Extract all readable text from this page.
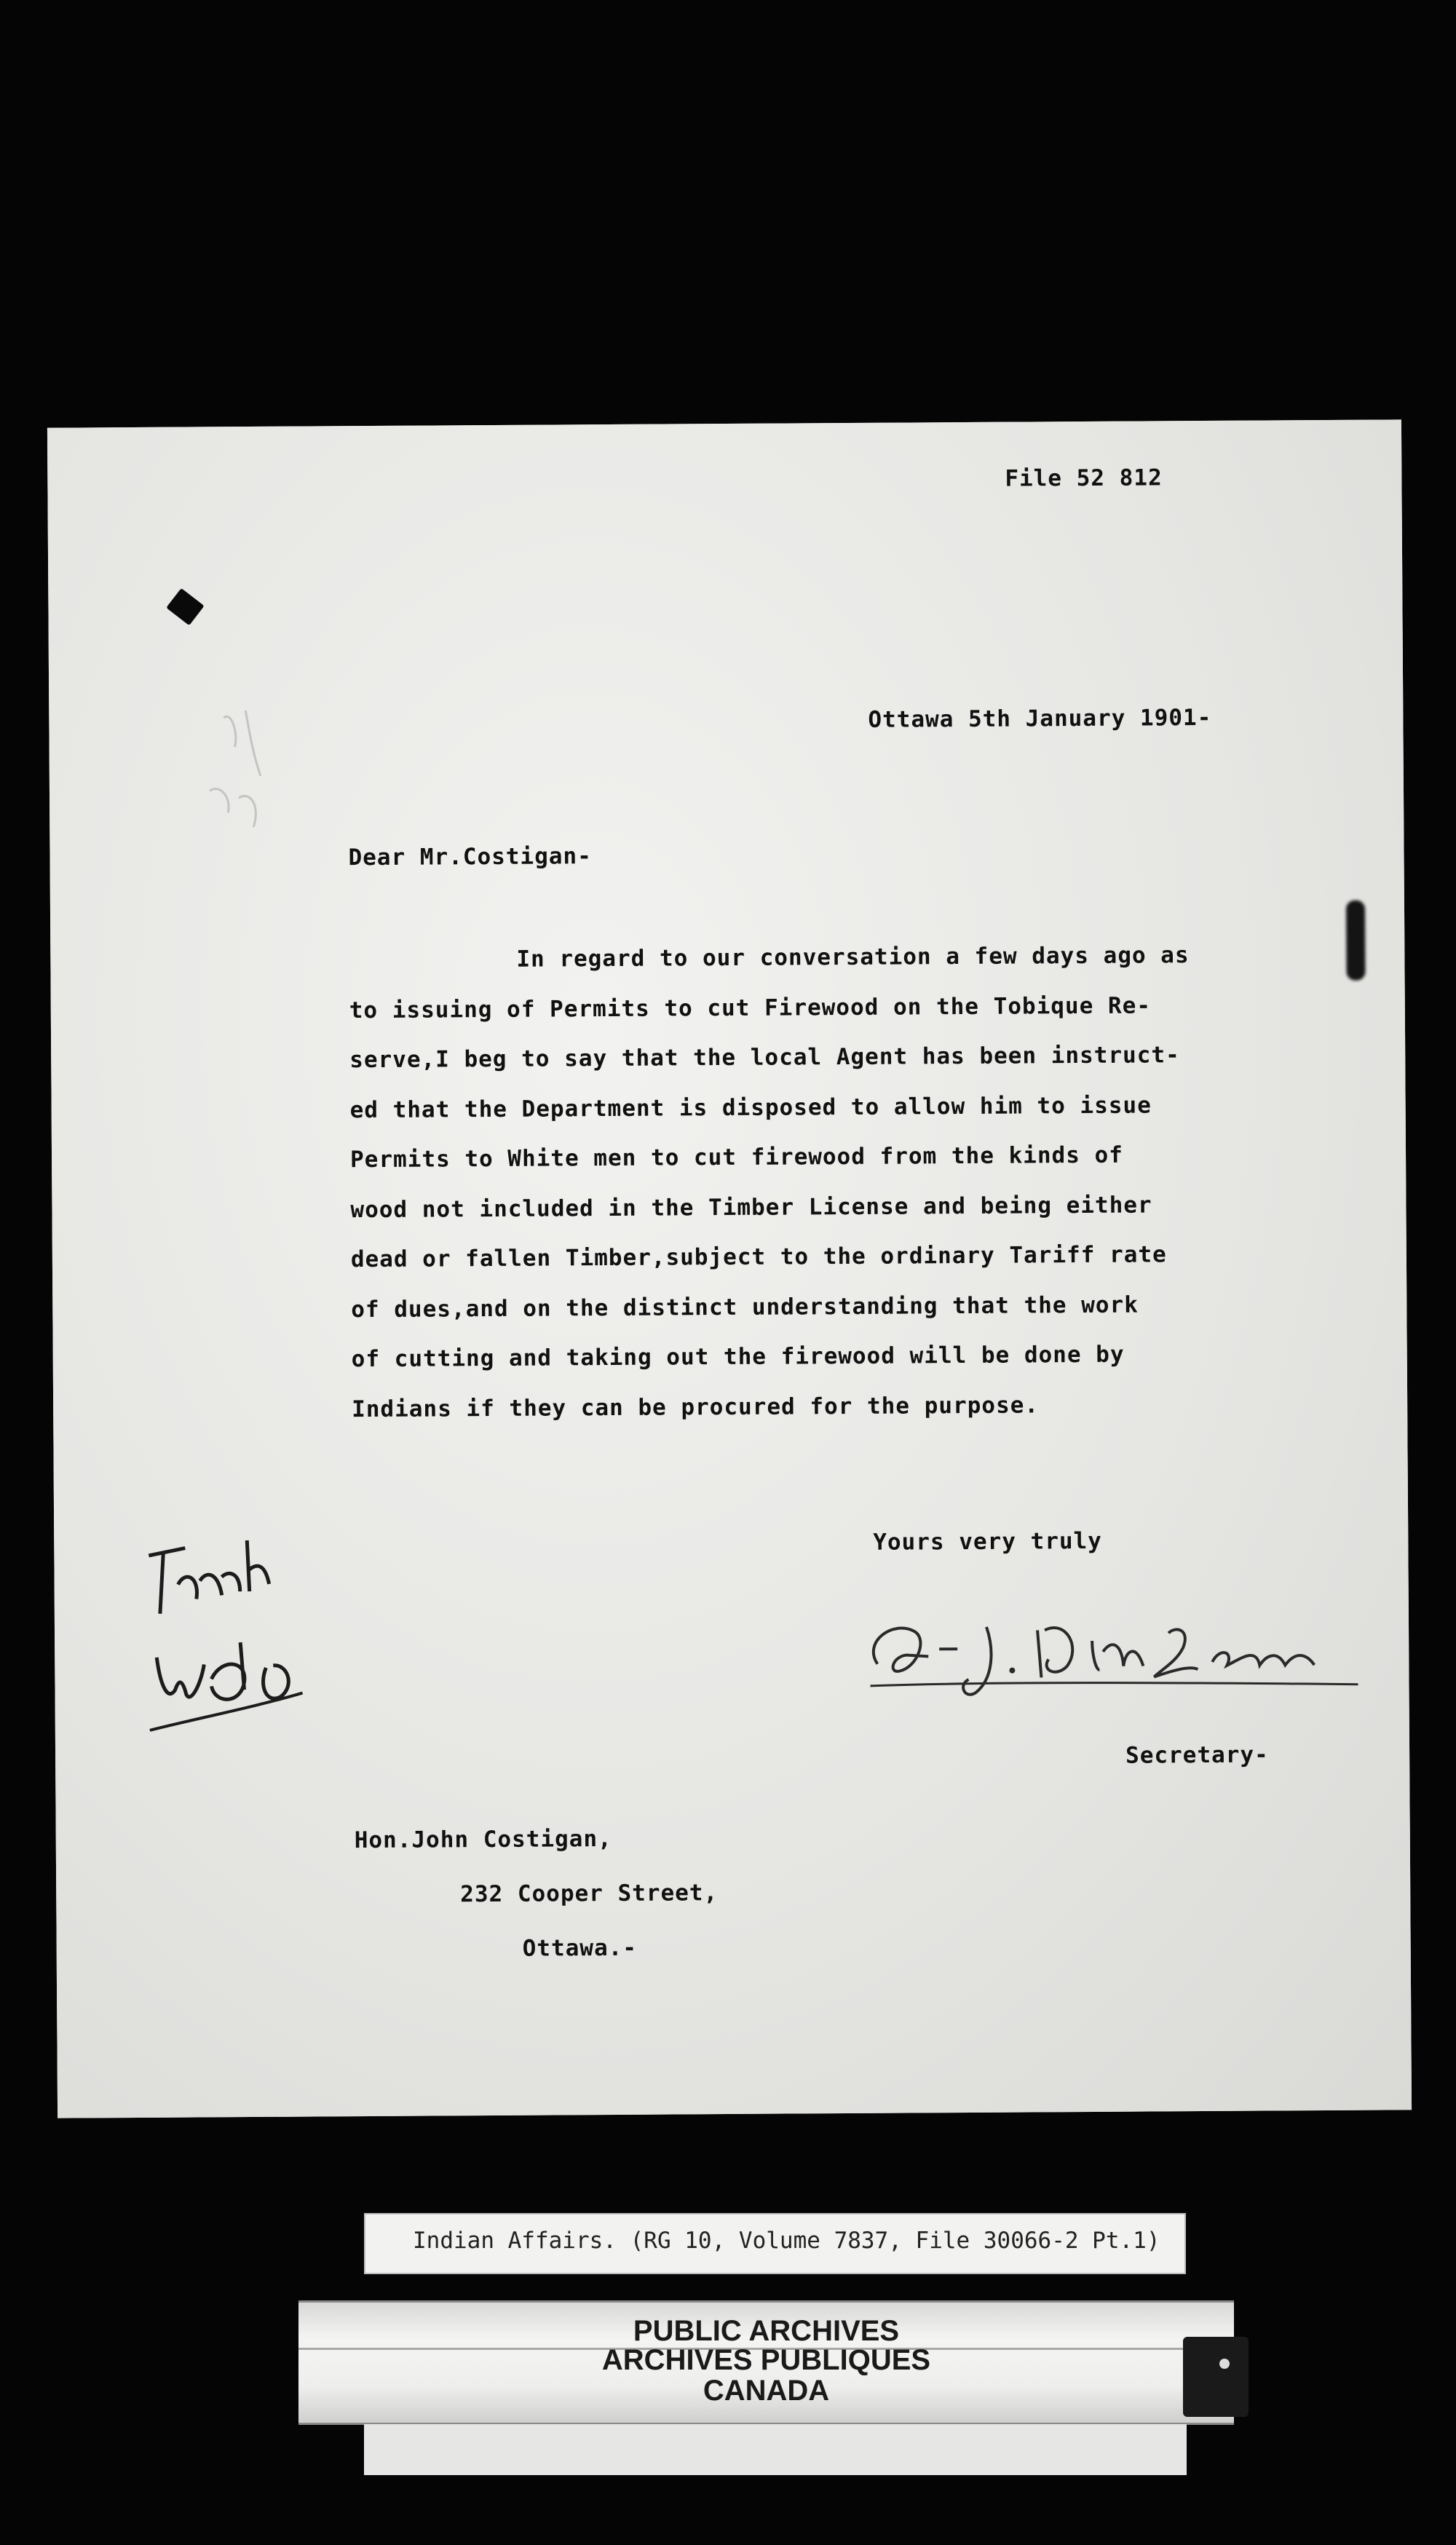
File 52 812
Ottawa 5th January 1901-
Dear Mr.Costigan-
In regard to our conversation a few days ago as
to issuing of Permits to cut Firewood on the Tobique Re-
serve,I beg to say that the local Agent has been instruct-
ed that the Department is disposed to allow him to issue
Permits to White men to cut firewood from the kinds of
wood not included in the Timber License and being either
dead or fallen Timber,subject to the ordinary Tariff rate
of dues,and on the distinct understanding that the work
of cutting and taking out the firewood will be done by
Indians if they can be procured for the purpose.
Yours very truly
Secretary-
Hon.John Costigan,
232 Cooper Street,
Ottawa.-
Indian Affairs. (RG 10, Volume 7837, File 30066-2 Pt.1)
PUBLIC ARCHIVES
ARCHIVES PUBLIQUES
CANADA
